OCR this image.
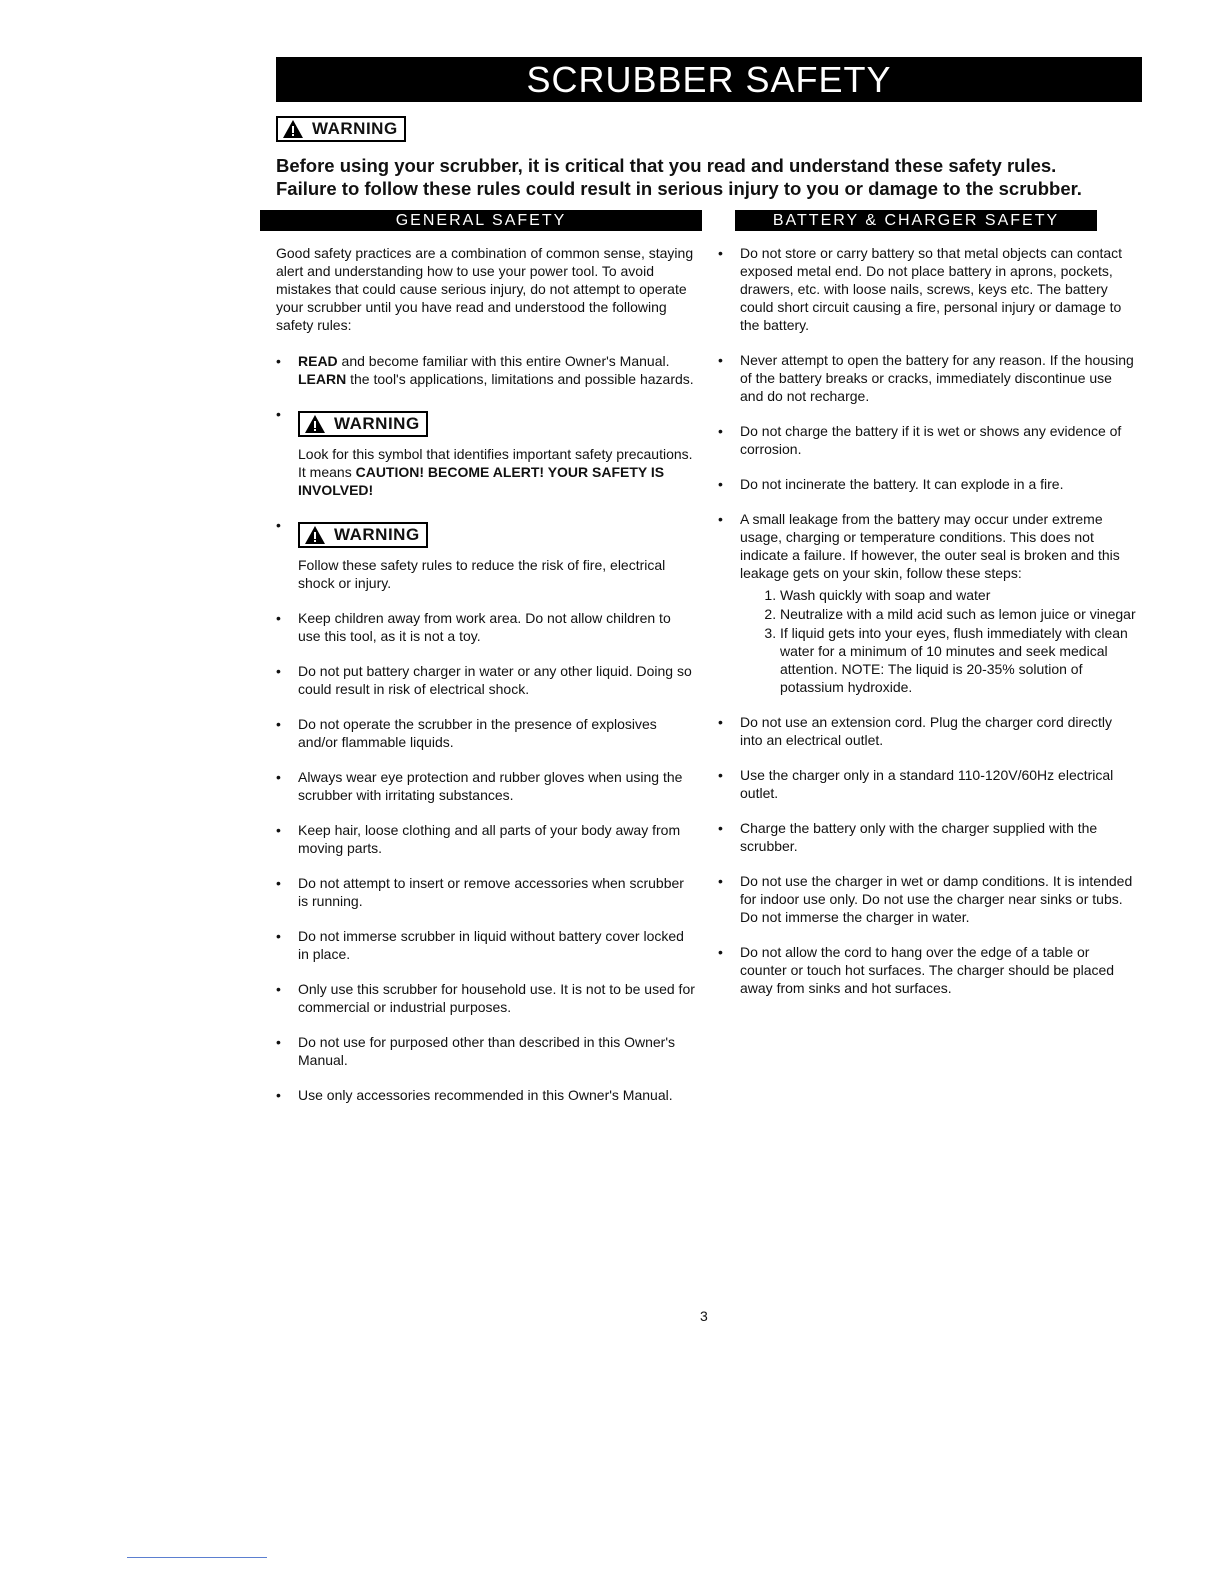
SCRUBBER SAFETY
WARNING
Before using your scrubber, it is critical that you read and understand these safety rules.
Failure to follow these rules could result in serious injury to you or damage to the scrubber.
GENERAL SAFETY	BATTERY & CHARGER SAFETY

Good safety practices are a combination of common sense, staying alert and understanding how to use your power tool. To avoid mistakes that could cause serious injury, do not attempt to operate your scrubber until you have read and understood the following safety rules:

• READ and become familiar with this entire Owner's Manual. LEARN the tool's applications, limitations and possible hazards.
• WARNING
Look for this symbol that identifies important safety precautions. It means CAUTION! BECOME ALERT! YOUR SAFETY IS INVOLVED!
• WARNING
Follow these safety rules to reduce the risk of fire, electrical shock or injury.
• Keep children away from work area. Do not allow children to use this tool, as it is not a toy.
• Do not put battery charger in water or any other liquid. Doing so could result in risk of electrical shock.
• Do not operate the scrubber in the presence of explosives and/or flammable liquids.
• Always wear eye protection and rubber gloves when using the scrubber with irritating substances.
• Keep hair, loose clothing and all parts of your body away from moving parts.
• Do not attempt to insert or remove accessories when scrubber is running.
• Do not immerse scrubber in liquid without battery cover locked in place.
• Only use this scrubber for household use. It is not to be used for commercial or industrial purposes.
• Do not use for purposed other than described in this Owner's Manual.
• Use only accessories recommended in this Owner's Manual.
• Do not store or carry battery so that metal objects can contact exposed metal end. Do not place battery in aprons, pockets, drawers, etc. with loose nails, screws, keys etc. The battery could short circuit causing a fire, personal injury or damage to the battery.
• Never attempt to open the battery for any reason. If the housing of the battery breaks or cracks, immediately discontinue use and do not recharge.
• Do not charge the battery if it is wet or shows any evidence of corrosion.
• Do not incinerate the battery. It can explode in a fire.
• A small leakage from the battery may occur under extreme usage, charging or temperature conditions. This does not indicate a failure. If however, the outer seal is broken and this leakage gets on your skin, follow these steps:
1. Wash quickly with soap and water
2. Neutralize with a mild acid such as lemon juice or vinegar
3. If liquid gets into your eyes, flush immediately with clean water for a minimum of 10 minutes and seek medical attention. NOTE: The liquid is 20-35% solution of potassium hydroxide.
• Do not use an extension cord. Plug the charger cord directly into an electrical outlet.
• Use the charger only in a standard 110-120V/60Hz electrical outlet.
• Charge the battery only with the charger supplied with the scrubber.
• Do not use the charger in wet or damp conditions. It is intended for indoor use only. Do not use the charger near sinks or tubs. Do not immerse the charger in water.
• Do not allow the cord to hang over the edge of a table or counter or touch hot surfaces. The charger should be placed away from sinks and hot surfaces.
3
